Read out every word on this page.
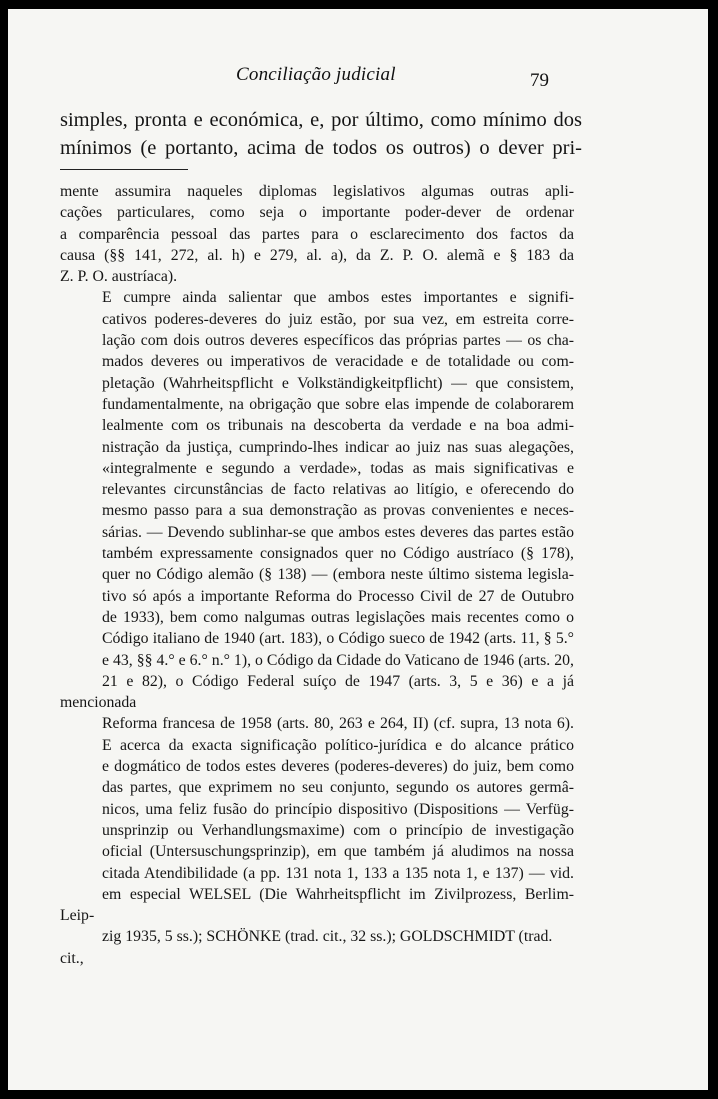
Conciliação judicial	79

simples, pronta e económica, e, por último, como mínimo dos
mínimos (e portanto, acima de todos os outros) o dever pri-

mente assumira naqueles diplomas legislativos algumas outras apli-
cações particulares, como seja o importante poder-dever de ordenar
a comparência pessoal das partes para o esclarecimento dos factos da
causa (§§ 141, 272, al. h) e 279, al. a), da Z. P. O. alemã e § 183 da
Z. P. O. austríaca).

E cumpre ainda salientar que ambos estes importantes e signifi-
cativos poderes-deveres do juiz estão, por sua vez, em estreita corre-
lação com dois outros deveres específicos das próprias partes — os cha-
mados deveres ou imperativos de veracidade e de totalidade ou com-
pletação (Wahrheitspflicht e Volkständigkeitpflicht) — que consistem,
fundamentalmente, na obrigação que sobre elas impende de colaborarem
lealmente com os tribunais na descoberta da verdade e na boa admi-
nistração da justiça, cumprindo-lhes indicar ao juiz nas suas alegações,
«integralmente e segundo a verdade», todas as mais significativas e
relevantes circunstâncias de facto relativas ao litígio, e oferecendo do
mesmo passo para a sua demonstração as provas convenientes e neces-
sárias. — Devendo sublinhar-se que ambos estes deveres das partes estão
também expressamente consignados quer no Código austríaco (§ 178),
quer no Código alemão (§ 138) — (embora neste último sistema legisla-
tivo só após a importante Reforma do Processo Civil de 27 de Outubro
de 1933), bem como nalgumas outras legislações mais recentes como o
Código italiano de 1940 (art. 183), o Código sueco de 1942 (arts. 11, § 5.°
e 43, §§ 4.° e 6.° n.° 1), o Código da Cidade do Vaticano de 1946 (arts. 20,
21 e 82), o Código Federal suíço de 1947 (arts. 3, 5 e 36) e a já mencionada
Reforma francesa de 1958 (arts. 80, 263 e 264, II) (cf. supra, 13 nota 6).
E acerca da exacta significação político-jurídica e do alcance prático
e dogmático de todos estes deveres (poderes-deveres) do juiz, bem como
das partes, que exprimem no seu conjunto, segundo os autores germâ-
nicos, uma feliz fusão do princípio dispositivo (Dispositions — Verfüg-
unsprinzip ou Verhandlungsmaxime) com o princípio de investigação
oficial (Untersuschungsprinzip), em que também já aludimos na nossa
citada Atendibilidade (a pp. 131 nota 1, 133 a 135 nota 1, e 137) — vid.
em especial WELSEL (Die Wahrheitspflicht im Zivilprozess, Berlim-Leip-
zig 1935, 5 ss.); SCHÖNKE (trad. cit., 32 ss.); GOLDSCHMIDT (trad. cit.,
